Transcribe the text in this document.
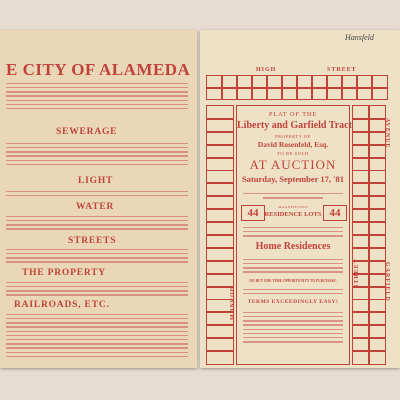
E CITY OF ALAMEDA
SEWERAGE
LIGHT
WATER
STREETS
THE PROPERTY
RAILROADS, ETC.
Hansfeld
HIGH	STREET
AVENUE
GARFIELD
MONROE
STREET
PLAT OF THE
Liberty and Garfield Tract
PROPERTY OF
David Rosenfeld, Esq.
TO BE SOLD
AT AUCTION
Saturday, September 17, '81
44	MAGNIFICENT
RESIDENCE LOTS 44
Home Residences
NO BUT ONE TIME OPPORTUNITY TO PURCHASE.
TERMS EXCEEDINGLY EASY!
